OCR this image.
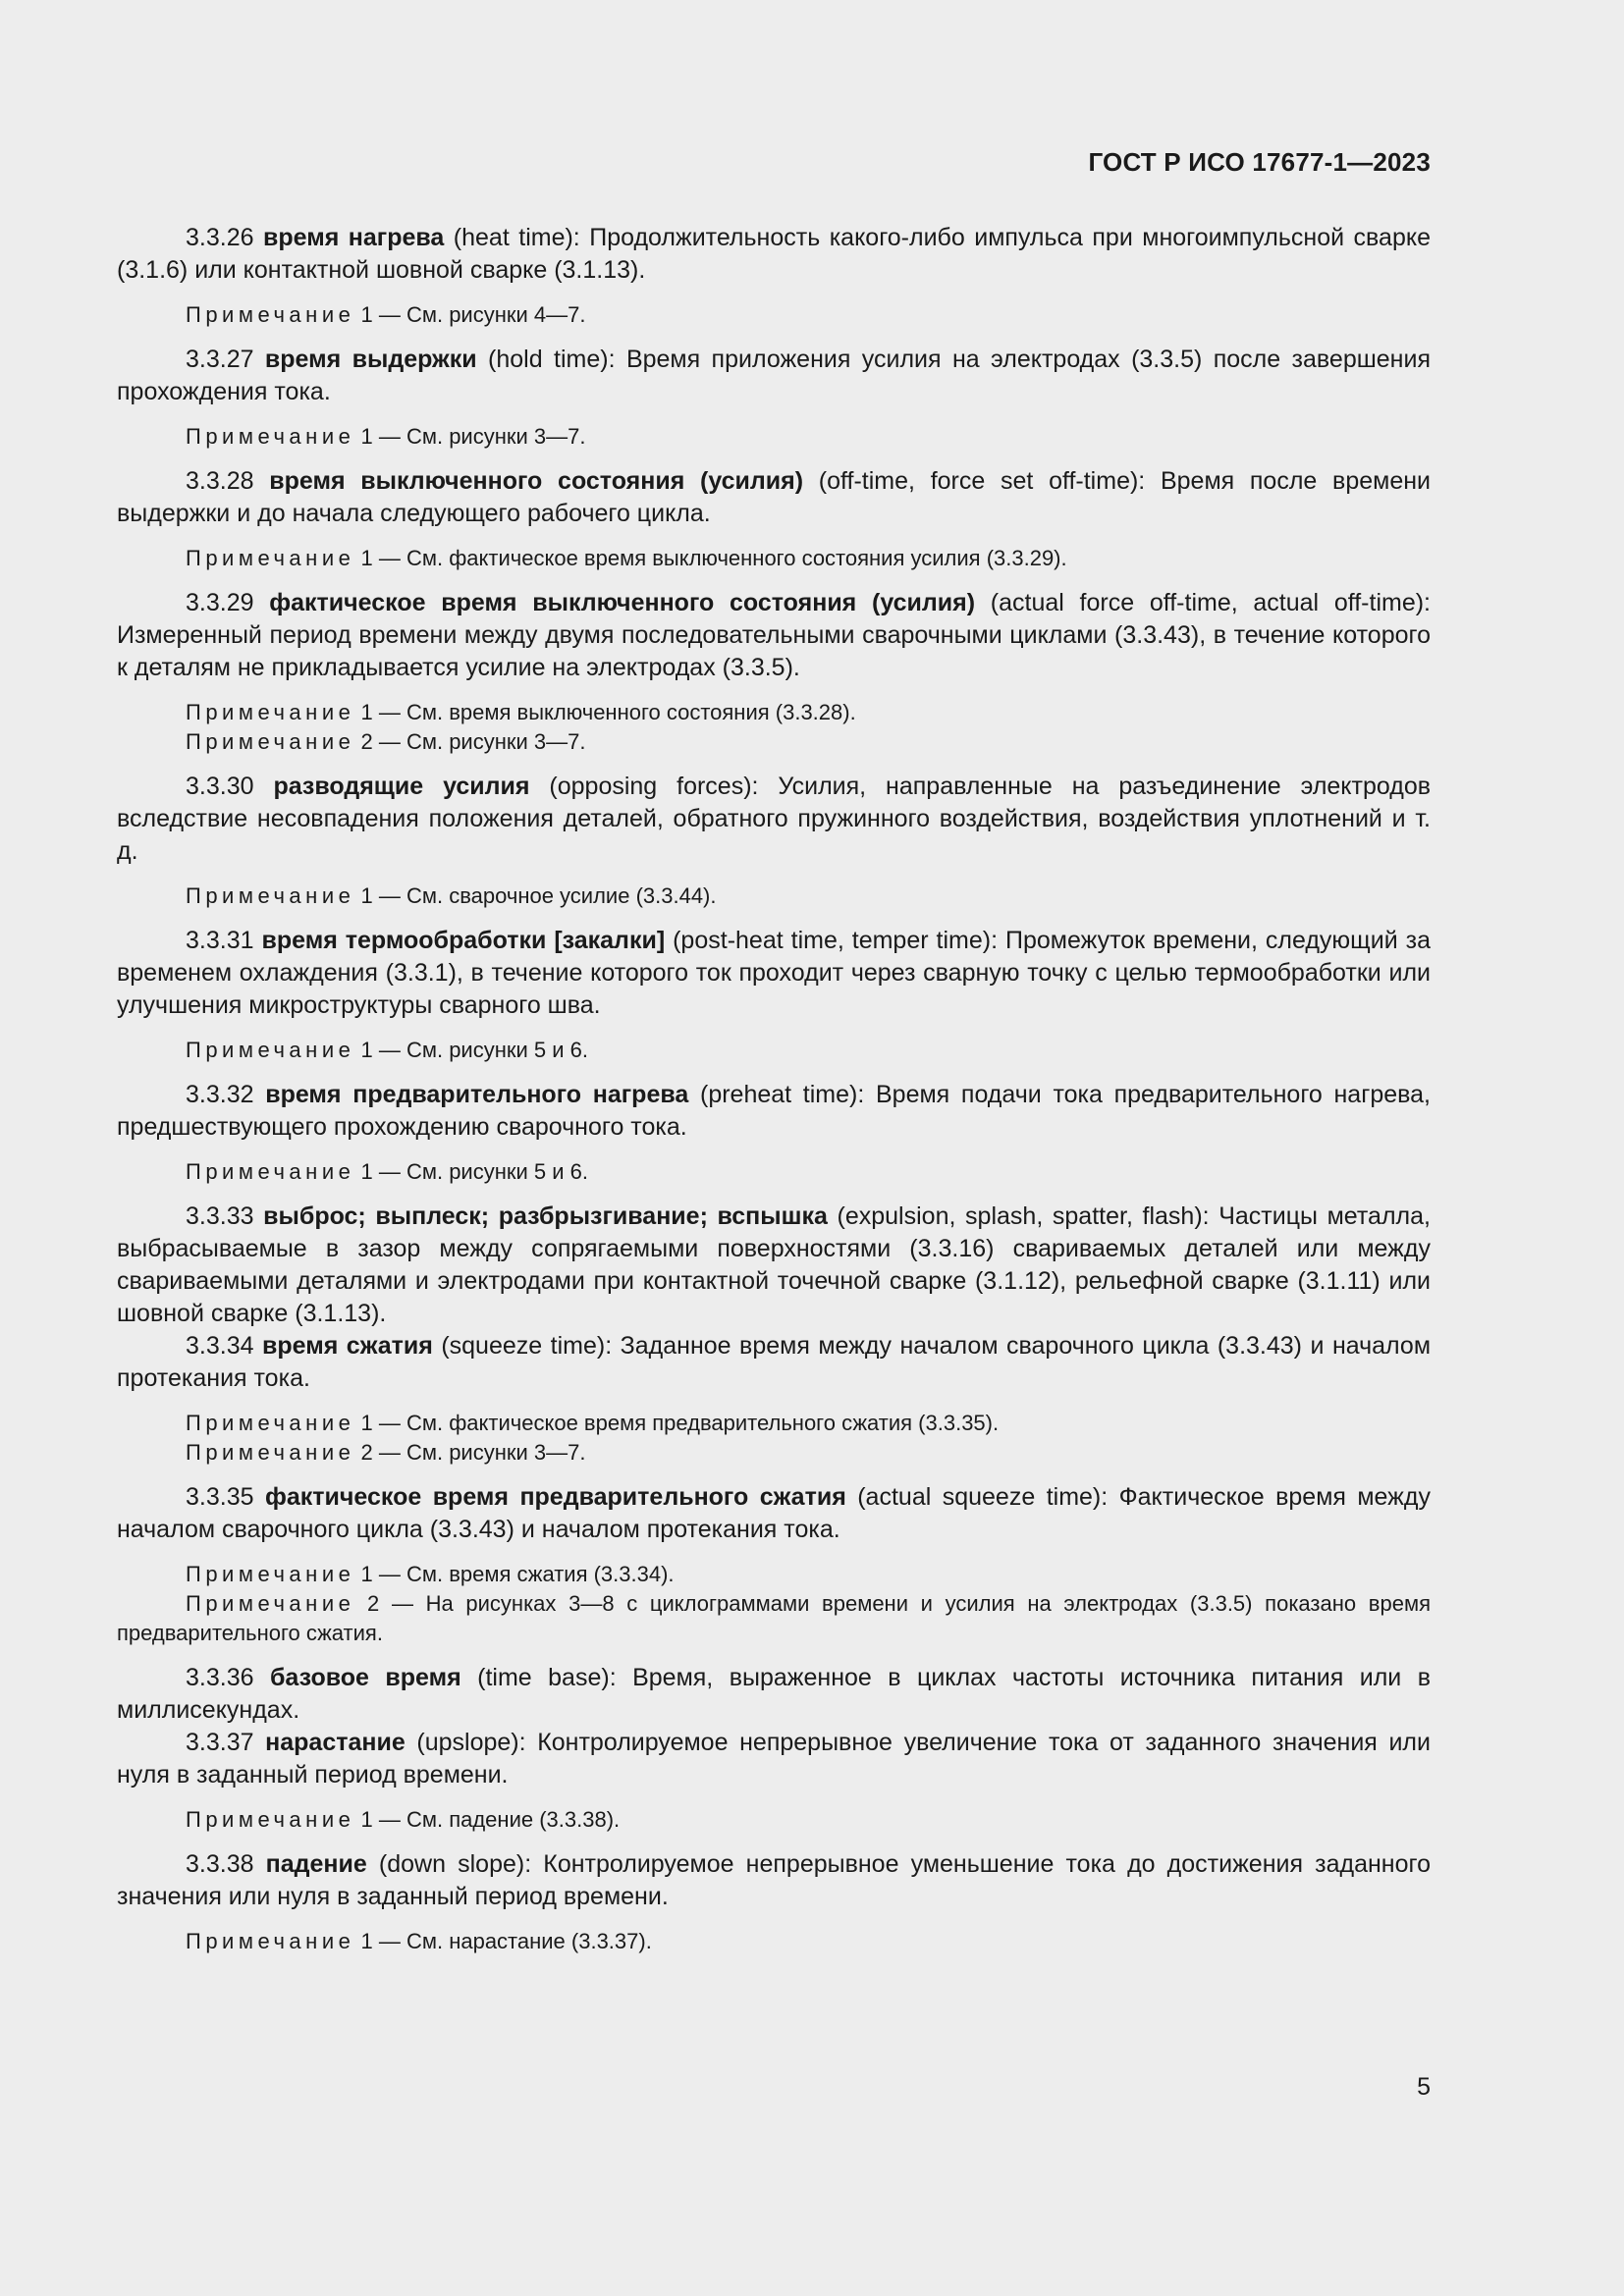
ГОСТ Р ИСО 17677-1—2023

3.3.26 время нагрева (heat time): Продолжительность какого-либо импульса при многоимпульсной сварке (3.1.6) или контактной шовной сварке (3.1.13).

Примечание 1 — См. рисунки 4—7.

3.3.27 время выдержки (hold time): Время приложения усилия на электродах (3.3.5) после завершения прохождения тока.

Примечание 1 — См. рисунки 3—7.

3.3.28 время выключенного состояния (усилия) (off-time, force set off-time): Время после времени выдержки и до начала следующего рабочего цикла.

Примечание 1 — См. фактическое время выключенного состояния усилия (3.3.29).

3.3.29 фактическое время выключенного состояния (усилия) (actual force off-time, actual off-time): Измеренный период времени между двумя последовательными сварочными циклами (3.3.43), в течение которого к деталям не прикладывается усилие на электродах (3.3.5).

Примечание 1 — См. время выключенного состояния (3.3.28).
Примечание 2 — См. рисунки 3—7.

3.3.30 разводящие усилия (opposing forces): Усилия, направленные на разъединение электродов вследствие несовпадения положения деталей, обратного пружинного воздействия, воздействия уплотнений и т. д.

Примечание 1 — См. сварочное усилие (3.3.44).

3.3.31 время термообработки [закалки] (post-heat time, temper time): Промежуток времени, следующий за временем охлаждения (3.3.1), в течение которого ток проходит через сварную точку с целью термообработки или улучшения микроструктуры сварного шва.

Примечание 1 — См. рисунки 5 и 6.

3.3.32 время предварительного нагрева (preheat time): Время подачи тока предварительного нагрева, предшествующего прохождению сварочного тока.

Примечание 1 — См. рисунки 5 и 6.

3.3.33 выброс; выплеск; разбрызгивание; вспышка (expulsion, splash, spatter, flash): Частицы металла, выбрасываемые в зазор между сопрягаемыми поверхностями (3.3.16) свариваемых деталей или между свариваемыми деталями и электродами при контактной точечной сварке (3.1.12), рельефной сварке (3.1.11) или шовной сварке (3.1.13).

3.3.34 время сжатия (squeeze time): Заданное время между началом сварочного цикла (3.3.43) и началом протекания тока.

Примечание 1 — См. фактическое время предварительного сжатия (3.3.35).
Примечание 2 — См. рисунки 3—7.

3.3.35 фактическое время предварительного сжатия (actual squeeze time): Фактическое время между началом сварочного цикла (3.3.43) и началом протекания тока.

Примечание 1 — См. время сжатия (3.3.34).
Примечание 2 — На рисунках 3—8 с циклограммами времени и усилия на электродах (3.3.5) показано время предварительного сжатия.

3.3.36 базовое время (time base): Время, выраженное в циклах частоты источника питания или в миллисекундах.

3.3.37 нарастание (upslope): Контролируемое непрерывное увеличение тока от заданного значения или нуля в заданный период времени.

Примечание 1 — См. падение (3.3.38).

3.3.38 падение (down slope): Контролируемое непрерывное уменьшение тока до достижения заданного значения или нуля в заданный период времени.

Примечание 1 — См. нарастание (3.3.37).
5
